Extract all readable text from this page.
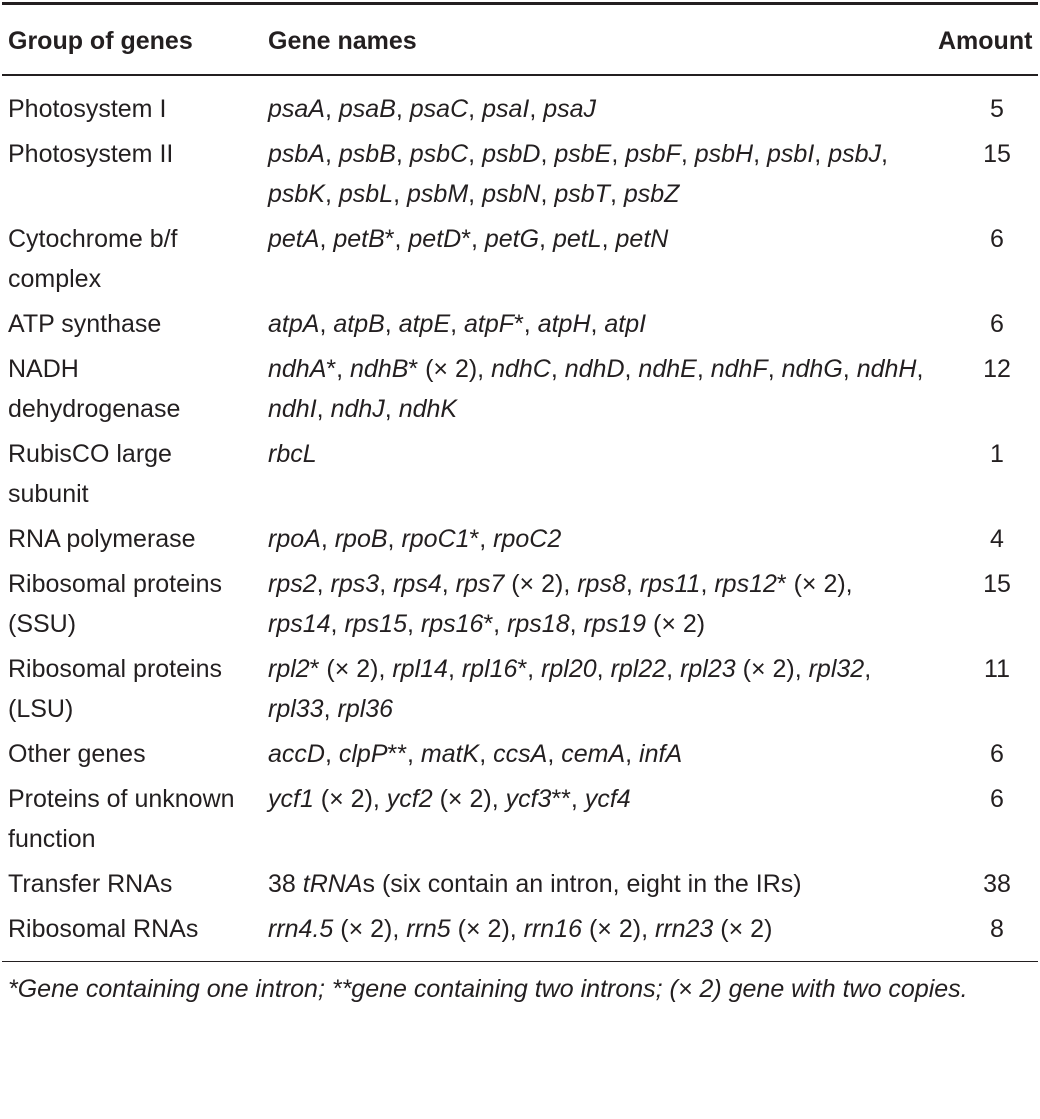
Group of genes	Gene names	Amount
Photosystem I	psaA, psaB, psaC, psaI, psaJ	5
Photosystem II	psbA, psbB, psbC, psbD, psbE, psbF, psbH, psbI, psbJ, psbK, psbL, psbM, psbN, psbT, psbZ	15
Cytochrome b/f complex	petA, petB*, petD*, petG, petL, petN	6
ATP synthase	atpA, atpB, atpE, atpF*, atpH, atpI	6
NADH dehydrogenase	ndhA*, ndhB* (× 2), ndhC, ndhD, ndhE, ndhF, ndhG, ndhH, ndhI, ndhJ, ndhK	12
RubisCO large subunit	rbcL	1
RNA polymerase	rpoA, rpoB, rpoC1*, rpoC2	4
Ribosomal proteins (SSU)	rps2, rps3, rps4, rps7 (× 2), rps8, rps11, rps12* (× 2), rps14, rps15, rps16*, rps18, rps19 (× 2)	15
Ribosomal proteins (LSU)	rpl2* (× 2), rpl14, rpl16*, rpl20, rpl22, rpl23 (× 2), rpl32, rpl33, rpl36	11
Other genes	accD, clpP**, matK, ccsA, cemA, infA	6
Proteins of unknown function	ycf1 (× 2), ycf2 (× 2), ycf3**, ycf4	6
Transfer RNAs	38 tRNAs (six contain an intron, eight in the IRs)	38
Ribosomal RNAs	rrn4.5 (× 2), rrn5 (× 2), rrn16 (× 2), rrn23 (× 2)	8
*Gene containing one intron; **gene containing two introns; (× 2) gene with two copies.
